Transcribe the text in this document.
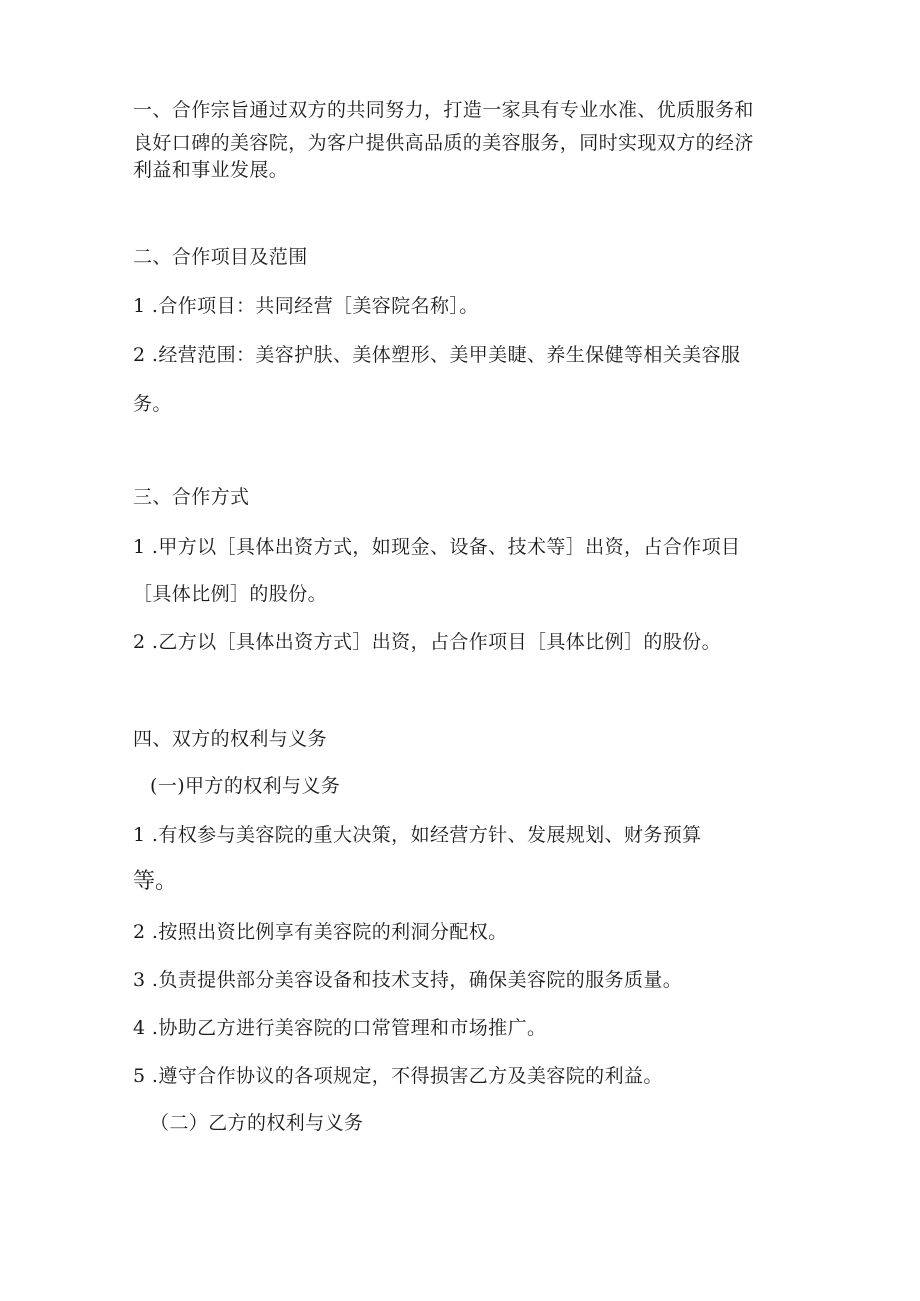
一、合作宗旨通过双方的共同努力，打造一家具有专业水准、优质服务和
良好口碑的美容院，为客户提供高品质的美容服务，同时实现双方的经济
利益和事业发展。
二、合作项目及范围
1 .合作项目：共同经营［美容院名称］。
2 .经营范围：美容护肤、美体塑形、美甲美睫、养生保健等相关美容服
务。
三、合作方式
1 .甲方以［具体出资方式，如现金、设备、技术等］出资，占合作项目
［具体比例］的股份。
2 .乙方以［具体出资方式］出资，占合作项目［具体比例］的股份。
四、双方的权利与义务
(一)甲方的权利与义务
1 .有权参与美容院的重大决策，如经营方针、发展规划、财务预算
等。
2 .按照出资比例享有美容院的利洞分配权。
3 .负责提供部分美容设备和技术支持，确保美容院的服务质量。
4 .协助乙方进行美容院的口常管理和市场推广。
5 .遵守合作协议的各项规定，不得损害乙方及美容院的利益。
（二）乙方的权利与义务
